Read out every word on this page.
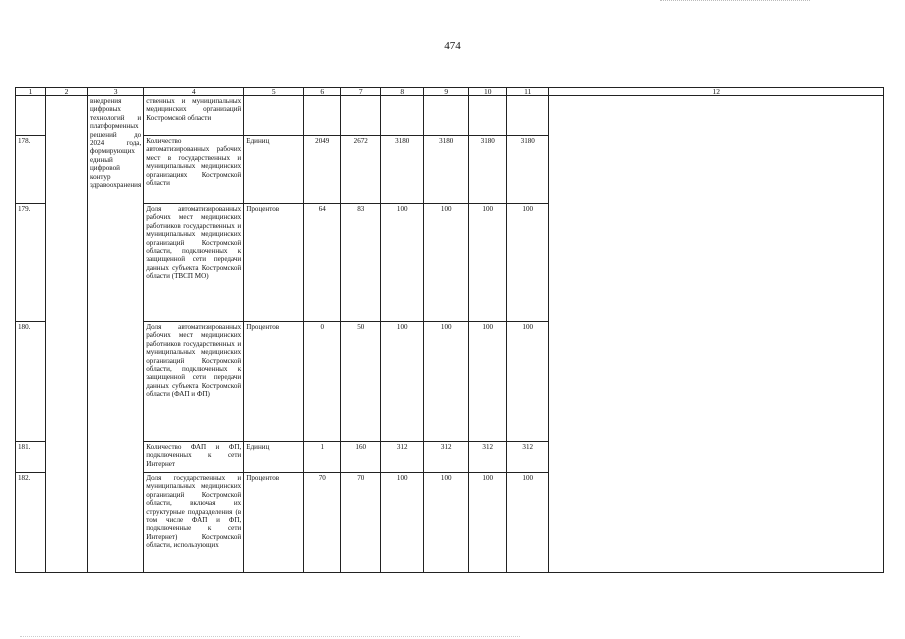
474
1	2	3	4	5	6	7	8	9	10	11	12
		внедрения цифровых технологий и платформенных решений до 2024 года, формирующих единый цифровой контур здравоохранения	ственных и муниципальных медицинских организаций Костромской области								
178.			Количество автоматизированных рабочих мест в государственных и муниципальных медицинских организациях Костромской области	Единиц	2049	2672	3180	3180	3180	3180	
179.			Доля автоматизированных рабочих мест медицинских работников государственных и муниципальных медицинских организаций Костромской области, подключенных к защищенной сети передачи данных субъекта Костромской области (ТВСП МО)	Процентов	64	83	100	100	100	100	
180.			Доля автоматизированных рабочих мест медицинских работников государственных и муниципальных медицинских организаций Костромской области, подключенных к защищенной сети передачи данных субъекта Костромской области (ФАП и ФП)	Процентов	0	50	100	100	100	100	
181.			Количество ФАП и ФП, подключенных к сети Интернет	Единиц	1	160	312	312	312	312	
182.			Доля государственных и муниципальных медицинских организаций Костромской области, включая их структурные подразделения (в том числе ФАП и ФП, подключенные к сети Интернет) Костромской области, использующих	Процентов	70	70	100	100	100	100	
